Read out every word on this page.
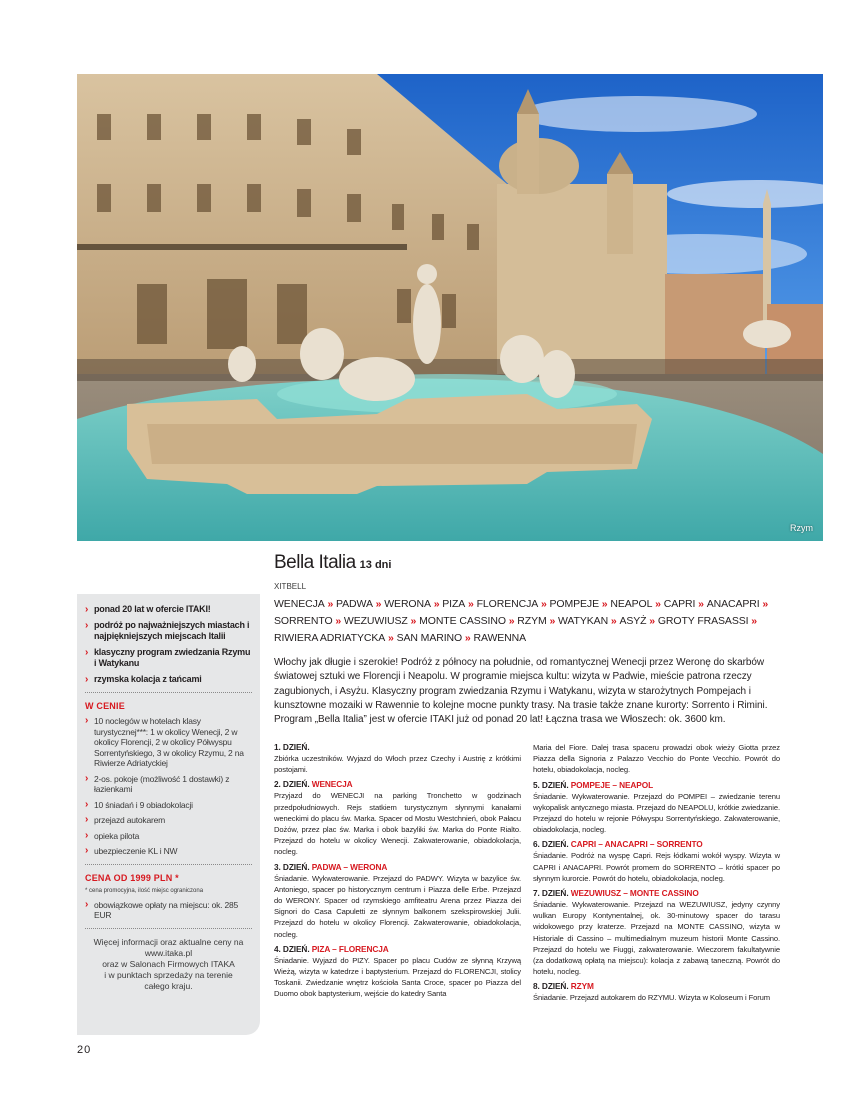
Rzym
Bella Italia 13 dni
XITBELL
WENECJA » PADWA » WERONA » PIZA » FLORENCJA » POMPEJE » NEAPOL » CAPRI » ANACAPRI » SORRENTO » WEZUWIUSZ » MONTE CASSINO » RZYM » WATYKAN » ASYŻ » GROTY FRASASSI » RIWIERA ADRIATYCKA » SAN MARINO » RAWENNA
Włochy jak długie i szerokie! Podróż z północy na południe, od romantycznej Wenecji przez Weronę do skarbów światowej sztuki we Florencji i Neapolu. W programie miejsca kultu: wizyta w Padwie, mieście patrona rzeczy zagubionych, i Asyżu. Klasyczny program zwiedzania Rzymu i Watykanu, wizyta w starożytnych Pompejach i kunsztowne mozaiki w Rawennie to kolejne mocne punkty trasy. Na trasie także znane kurorty: Sorrento i Rimini. Program „Bella Italia” jest w ofercie ITAKI już od ponad 20 lat! Łączna trasa we Włoszech: ok. 3600 km.
› ponad 20 lat w ofercie ITAKI!
› podróż po najważniejszych miastach i najpiękniejszych miejscach Italii
› klasyczny program zwiedzania Rzymu i Watykanu
› rzymska kolacja z tańcami
W CENIE
› 10 noclegów w hotelach klasy turystycznej***: 1 w okolicy Wenecji, 2 w okolicy Florencji, 2 w okolicy Półwyspu Sorrentyńskiego, 3 w okolicy Rzymu, 2 na Riwierze Adriatyckiej
› 2-os. pokoje (możliwość 1 dostawki) z łazienkami
› 10 śniadań i 9 obiadokolacji
› przejazd autokarem
› opieka pilota
› ubezpieczenie KL i NW
CENA OD 1999 PLN *
* cena promocyjna, ilość miejsc ograniczona
› obowiązkowe opłaty na miejscu: ok. 285 EUR
Więcej informacji oraz aktualne ceny na
www.itaka.pl
oraz w Salonach Firmowych ITAKA
i w punktach sprzedaży na terenie
całego kraju.
20
1. DZIEŃ.
Zbiórka uczestników. Wyjazd do Włoch przez Czechy i Austrię z krótkimi postojami.
2. DZIEŃ. WENECJA
Przyjazd do WENECJI na parking Tronchetto w godzinach przedpołudniowych. Rejs statkiem turystycznym słynnymi kanałami weneckimi do placu św. Marka. Spacer od Mostu Westchnień, obok Pałacu Dożów, przez plac św. Marka i obok bazyliki św. Marka do Ponte Rialto. Przejazd do hotelu w okolicy Wenecji. Zakwaterowanie, obiadokolacja, nocleg.
3. DZIEŃ. PADWA – WERONA
Śniadanie. Wykwaterowanie. Przejazd do PADWY. Wizyta w bazylice św. Antoniego, spacer po historycznym centrum i Piazza delle Erbe. Przejazd do WERONY. Spacer od rzymskiego amfiteatru Arena przez Piazza dei Signori do Casa Capuletti ze słynnym balkonem szekspirowskiej Julii. Przejazd do hotelu w okolicy Florencji. Zakwaterowanie, obiadokolacja, nocleg.
4. DZIEŃ. PIZA – FLORENCJA
Śniadanie. Wyjazd do PIZY. Spacer po placu Cudów ze słynną Krzywą Wieżą, wizyta w katedrze i baptysterium. Przejazd do FLORENCJI, stolicy Toskanii. Zwiedzanie wnętrz kościoła Santa Croce, spacer po Piazza del Duomo obok baptysterium, wejście do katedry Santa
Maria del Fiore. Dalej trasa spaceru prowadzi obok wieży Giotta przez Piazza della Signoria z Palazzo Vecchio do Ponte Vecchio. Powrót do hotelu, obiadokolacja, nocleg.
5. DZIEŃ. POMPEJE – NEAPOL
Śniadanie. Wykwaterowanie. Przejazd do POMPEI – zwiedzanie terenu wykopalisk antycznego miasta. Przejazd do NEAPOLU, krótkie zwiedzanie. Przejazd do hotelu w rejonie Półwyspu Sorrentyńskiego. Zakwaterowanie, obiadokolacja, nocleg.
6. DZIEŃ. CAPRI – ANACAPRI – SORRENTO
Śniadanie. Podróż na wyspę Capri. Rejs łódkami wokół wyspy. Wizyta w CAPRI i ANACAPRI. Powrót promem do SORRENTO – krótki spacer po słynnym kurorcie. Powrót do hotelu, obiadokolacja, nocleg.
7. DZIEŃ. WEZUWIUSZ – MONTE CASSINO
Śniadanie. Wykwaterowanie. Przejazd na WEZUWIUSZ, jedyny czynny wulkan Europy Kontynentalnej, ok. 30-minutowy spacer do tarasu widokowego przy kraterze. Przejazd na MONTE CASSINO, wizyta w Historiale di Cassino – multimedialnym muzeum historii Monte Cassino. Przejazd do hotelu we Fiuggi, zakwaterowanie. Wieczorem fakultatywnie (za dodatkową opłatą na miejscu): kolacja z zabawą taneczną. Powrót do hotelu, nocleg.
8. DZIEŃ. RZYM
Śniadanie. Przejazd autokarem do RZYMU. Wizyta w Koloseum i Forum
